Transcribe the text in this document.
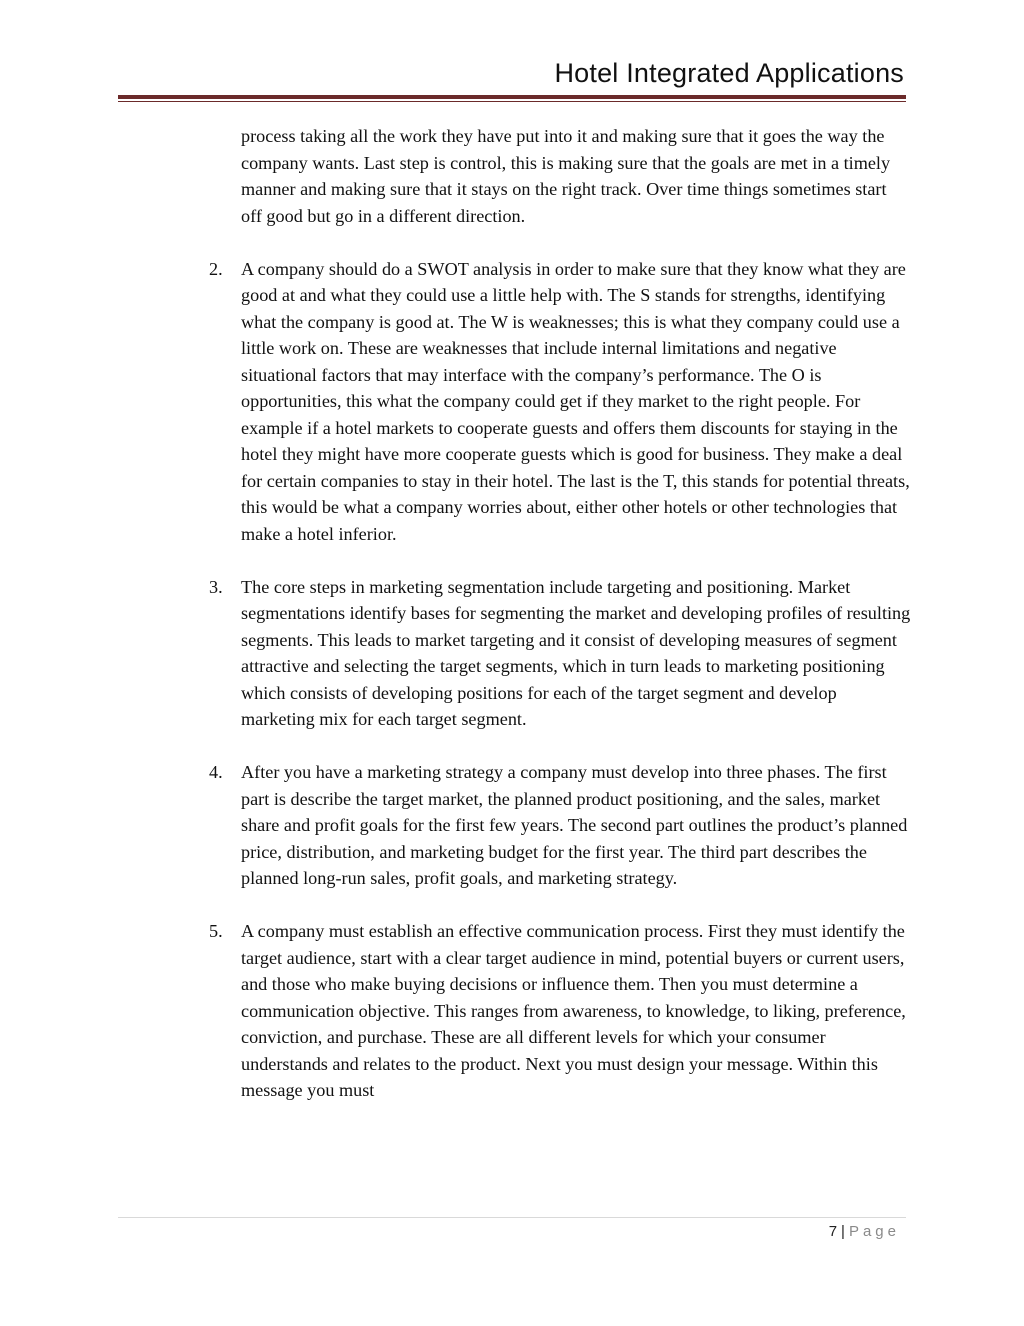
Hotel Integrated Applications

process taking all the work they have put into it and making sure that it goes the way the company wants. Last step is control, this is making sure that the goals are met in a timely manner and making sure that it stays on the right track. Over time things sometimes start off good but go in a different direction.

2. A company should do a SWOT analysis in order to make sure that they know what they are good at and what they could use a little help with. The S stands for strengths, identifying what the company is good at. The W is weaknesses; this is what they company could use a little work on. These are weaknesses that include internal limitations and negative situational factors that may interface with the company’s performance. The O is opportunities, this what the company could get if they market to the right people. For example if a hotel markets to cooperate guests and offers them discounts for staying in the hotel they might have more cooperate guests which is good for business. They make a deal for certain companies to stay in their hotel. The last is the T, this stands for potential threats, this would be what a company worries about, either other hotels or other technologies that make a hotel inferior.
3. The core steps in marketing segmentation include targeting and positioning. Market segmentations identify bases for segmenting the market and developing profiles of resulting segments. This leads to market targeting and it consist of developing measures of segment attractive and selecting the target segments, which in turn leads to marketing positioning which consists of developing positions for each of the target segment and develop marketing mix for each target segment.
4. After you have a marketing strategy a company must develop into three phases. The first part is describe the target market, the planned product positioning, and the sales, market share and profit goals for the first few years. The second part outlines the product’s planned price, distribution, and marketing budget for the first year. The third part describes the planned long-run sales, profit goals, and marketing strategy.
5. A company must establish an effective communication process. First they must identify the target audience, start with a clear target audience in mind, potential buyers or current users, and those who make buying decisions or influence them. Then you must determine a communication objective. This ranges from awareness, to knowledge, to liking, preference, conviction, and purchase. These are all different levels for which your consumer understands and relates to the product. Next you must design your message. Within this message you must
7 | Page
